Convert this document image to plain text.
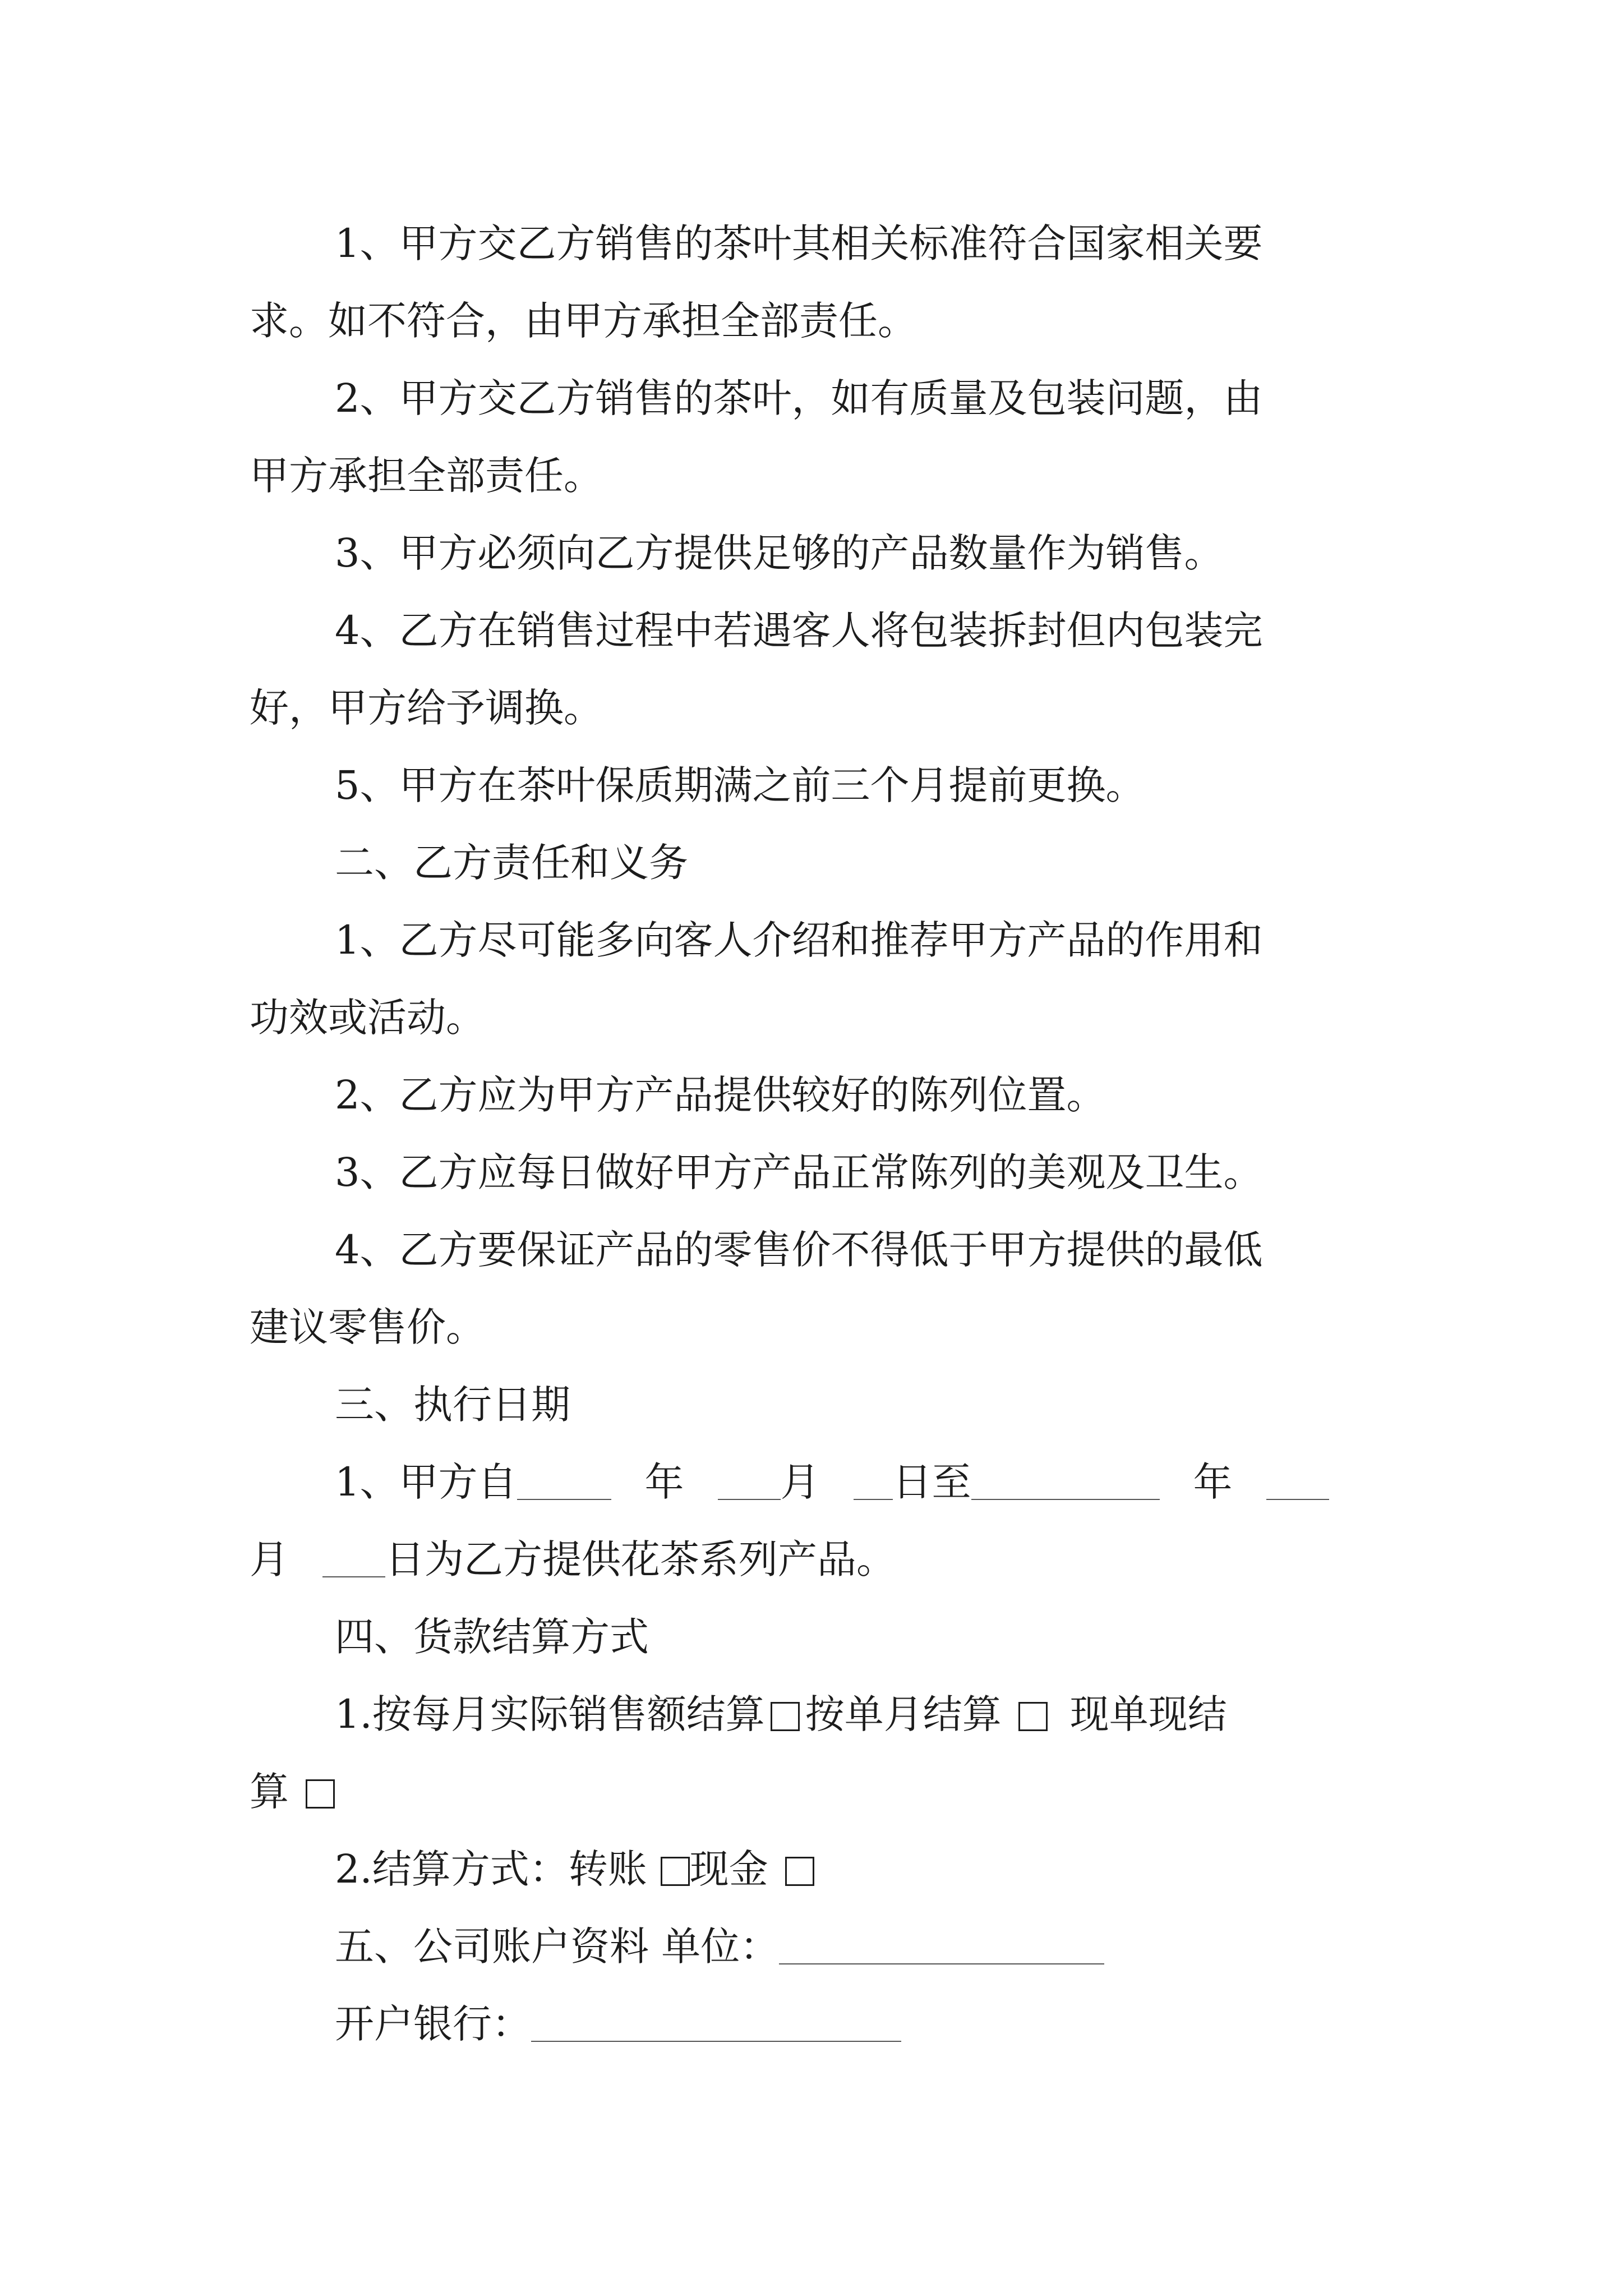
1、甲方交乙方销售的茶叶其相关标准符合国家相关要
求。如不符合，由甲方承担全部责任。
2、甲方交乙方销售的茶叶，如有质量及包装问题，由
甲方承担全部责任。
3、甲方必须向乙方提供足够的产品数量作为销售。
4、乙方在销售过程中若遇客人将包装拆封但内包装完
好，甲方给予调换。
5、甲方在茶叶保质期满之前三个月提前更换。
二、乙方责任和义务
1、乙方尽可能多向客人介绍和推荐甲方产品的作用和
功效或活动。
2、乙方应为甲方产品提供较好的陈列位置。
3、乙方应每日做好甲方产品正常陈列的美观及卫生。
4、乙方要保证产品的零售价不得低于甲方提供的最低
建议零售价。
三、执行日期
1、甲方自	年 月 日至	年
月 日为乙方提供花茶系列产品。
四、货款结算方式
1.按每月实际销售额结算 按单月结算 现单现结
算
2.结算方式：转账 现金
五、公司账户资料 单位：
开户银行：
